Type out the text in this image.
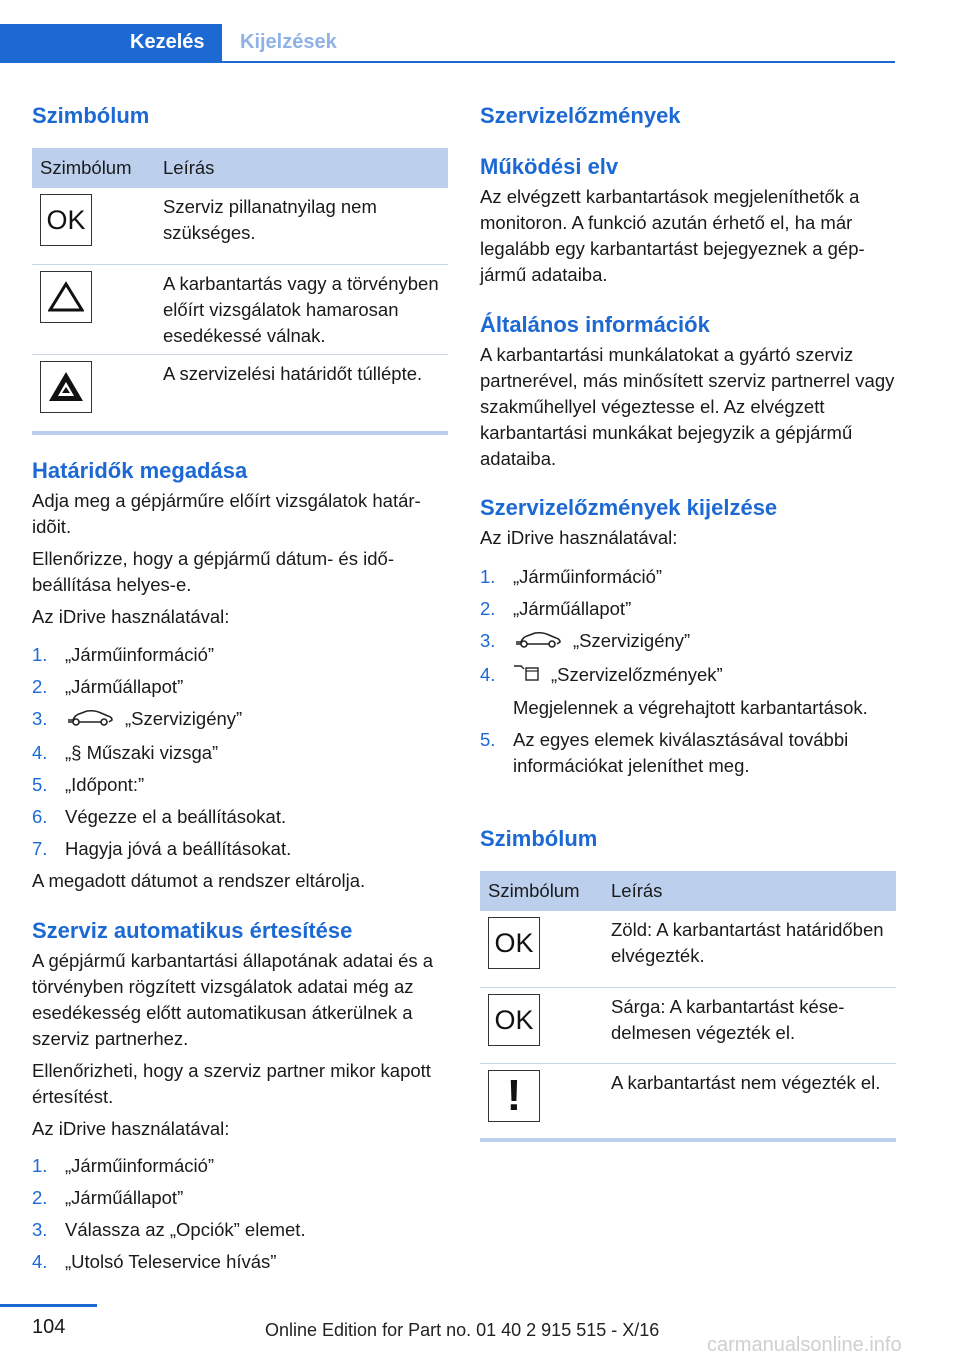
Kezelés	Kijelzések
Szimbólum
Szimbólum	Leírás

OK	Szerviz pillanatnyilag nem szükséges.

	A karbantartás vagy a törvényben előírt vizsgálatok hamarosan esedékessé válnak.

	A szervizelési határidőt túllépte.
Határidők megadása

Adja meg a gépjárműre előírt vizsgálatok határidõit.

Ellenőrizze, hogy a gépjármű dátum- és időbeállítása helyes-e.

Az iDrive használatával:

1. „Járműinformáció”
2. „Járműállapot”
3.	„Szervizigény”
4. „§ Műszaki vizsga”
5. „Időpont:”
6. Végezze el a beállításokat.
7. Hagyja jóvá a beállításokat.

A megadott dátumot a rendszer eltárolja.

Szerviz automatikus értesítése

A gépjármű karbantartási állapotának adatai és a törvényben rögzített vizsgálatok adatai még az esedékesség előtt automatikusan átkerülnek a szerviz partnerhez.

Ellenőrizheti, hogy a szerviz partner mikor kapott értesítést.

Az iDrive használatával:

1. „Járműinformáció”
2. „Járműállapot”
3. Válassza az „Opciók” elemet.
4. „Utolsó Teleservice hívás”
Szervizelőzmények
Működési elv

Az elvégzett karbantartások megjeleníthetők a monitoron. A funkció azután érhető el, ha már legalább egy karbantartást bejegyeznek a gépjármű adataiba.

Általános információk

A karbantartási munkálatokat a gyártó szerviz partnerével, más minősített szerviz partnerrel vagy szakműhellyel végeztesse el. Az elvégzett karbantartási munkákat bejegyzik a gépjármű adataiba.

Szervizelőzmények kijelzése

Az iDrive használatával:

1. „Járműinformáció”
2. „Járműállapot”
3.	„Szervizigény”
4.	„Szervizelőzmények”
Megjelennek a végrehajtott karbantartások.
5. Az egyes elemek kiválasztásával további információkat jeleníthet meg.
Szimbólum
Szimbólum	Leírás

OK	Zöld: A karbantartást határidőben elvégezték.

OK	Sárga: A karbantartást késedelmesen végezték el.

!	A karbantartást nem végezték el.
104	Online Edition for Part no. 01 40 2 915 515 - X/16
carmanualsonline.info
